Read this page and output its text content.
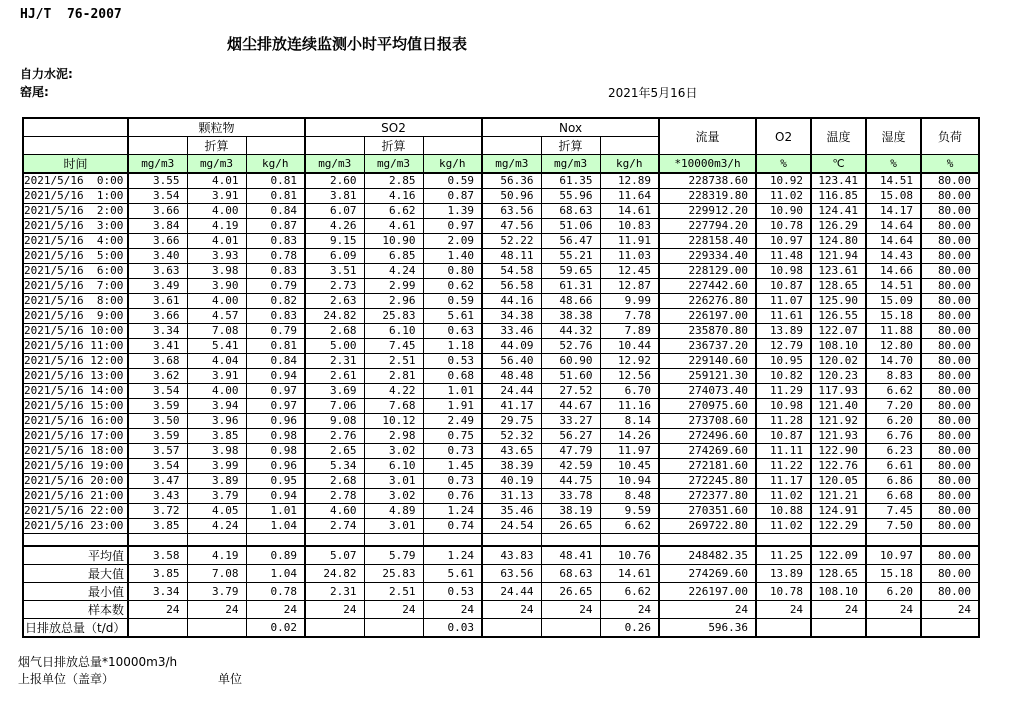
HJ/T  76-2007
烟尘排放连续监测小时平均值日报表
自力水泥:
窑尾:	2021年5月16日
	颗粒物			SO2			Nox			流量	O2	温度	湿度	负荷
		折算			折算			折算						
时间	mg/m3	mg/m3	kg/h	mg/m3	mg/m3	kg/h	mg/m3	mg/m3	kg/h	*10000m3/h	%	℃	%	%
2021/5/16  0:00	3.55	4.01	0.81	2.60	2.85	0.59	56.36	61.35	12.89	228738.60	10.92	123.41	14.51	80.00
2021/5/16  1:00	3.54	3.91	0.81	3.81	4.16	0.87	50.96	55.96	11.64	228319.80	11.02	116.85	15.08	80.00
2021/5/16  2:00	3.66	4.00	0.84	6.07	6.62	1.39	63.56	68.63	14.61	229912.20	10.90	124.41	14.17	80.00
2021/5/16  3:00	3.84	4.19	0.87	4.26	4.61	0.97	47.56	51.06	10.83	227794.20	10.78	126.29	14.64	80.00
2021/5/16  4:00	3.66	4.01	0.83	9.15	10.90	2.09	52.22	56.47	11.91	228158.40	10.97	124.80	14.64	80.00
2021/5/16  5:00	3.40	3.93	0.78	6.09	6.85	1.40	48.11	55.21	11.03	229334.40	11.48	121.94	14.43	80.00
2021/5/16  6:00	3.63	3.98	0.83	3.51	4.24	0.80	54.58	59.65	12.45	228129.00	10.98	123.61	14.66	80.00
2021/5/16  7:00	3.49	3.90	0.79	2.73	2.99	0.62	56.58	61.31	12.87	227442.60	10.87	128.65	14.51	80.00
2021/5/16  8:00	3.61	4.00	0.82	2.63	2.96	0.59	44.16	48.66	9.99	226276.80	11.07	125.90	15.09	80.00
2021/5/16  9:00	3.66	4.57	0.83	24.82	25.83	5.61	34.38	38.38	7.78	226197.00	11.61	126.55	15.18	80.00
2021/5/16 10:00	3.34	7.08	0.79	2.68	6.10	0.63	33.46	44.32	7.89	235870.80	13.89	122.07	11.88	80.00
2021/5/16 11:00	3.41	5.41	0.81	5.00	7.45	1.18	44.09	52.76	10.44	236737.20	12.79	108.10	12.80	80.00
2021/5/16 12:00	3.68	4.04	0.84	2.31	2.51	0.53	56.40	60.90	12.92	229140.60	10.95	120.02	14.70	80.00
2021/5/16 13:00	3.62	3.91	0.94	2.61	2.81	0.68	48.48	51.60	12.56	259121.30	10.82	120.23	8.83	80.00
2021/5/16 14:00	3.54	4.00	0.97	3.69	4.22	1.01	24.44	27.52	6.70	274073.40	11.29	117.93	6.62	80.00
2021/5/16 15:00	3.59	3.94	0.97	7.06	7.68	1.91	41.17	44.67	11.16	270975.60	10.98	121.40	7.20	80.00
2021/5/16 16:00	3.50	3.96	0.96	9.08	10.12	2.49	29.75	33.27	8.14	273708.60	11.28	121.92	6.20	80.00
2021/5/16 17:00	3.59	3.85	0.98	2.76	2.98	0.75	52.32	56.27	14.26	272496.60	10.87	121.93	6.76	80.00
2021/5/16 18:00	3.57	3.98	0.98	2.65	3.02	0.73	43.65	47.79	11.97	274269.60	11.11	122.90	6.23	80.00
2021/5/16 19:00	3.54	3.99	0.96	5.34	6.10	1.45	38.39	42.59	10.45	272181.60	11.22	122.76	6.61	80.00
2021/5/16 20:00	3.47	3.89	0.95	2.68	3.01	0.73	40.19	44.75	10.94	272245.80	11.17	120.05	6.86	80.00
2021/5/16 21:00	3.43	3.79	0.94	2.78	3.02	0.76	31.13	33.78	8.48	272377.80	11.02	121.21	6.68	80.00
2021/5/16 22:00	3.72	4.05	1.01	4.60	4.89	1.24	35.46	38.19	9.59	270351.60	10.88	124.91	7.45	80.00
2021/5/16 23:00	3.85	4.24	1.04	2.74	3.01	0.74	24.54	26.65	6.62	269722.80	11.02	122.29	7.50	80.00

平均值	3.58	4.19	0.89	5.07	5.79	1.24	43.83	48.41	10.76	248482.35	11.25	122.09	10.97	80.00
最大值	3.85	7.08	1.04	24.82	25.83	5.61	63.56	68.63	14.61	274269.60	13.89	128.65	15.18	80.00
最小值	3.34	3.79	0.78	2.31	2.51	0.53	24.44	26.65	6.62	226197.00	10.78	108.10	6.20	80.00
样本数	24	24	24	24	24	24	24	24	24	24	24	24	24	24
日排放总量（t/d）			0.02			0.03			0.26	596.36				
烟气日排放总量*10000m3/h
上报单位（盖章）	单位
